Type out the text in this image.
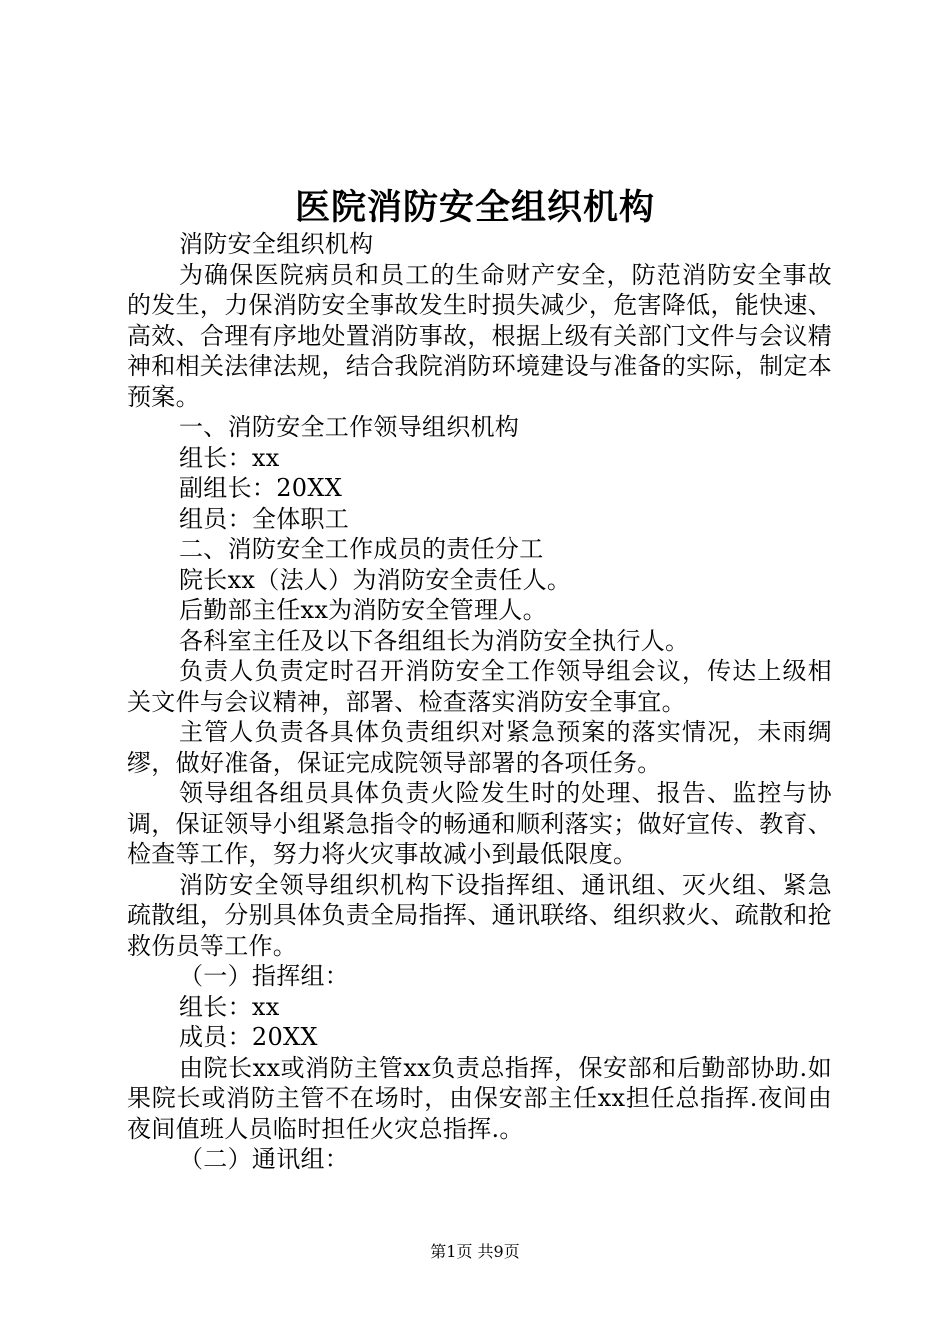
医院消防安全组织机构

消防安全组织机构

为确保医院病员和员工的生命财产安全，防范消防安全事故的发生，力保消防安全事故发生时损失减少，危害降低，能快速、高效、合理有序地处置消防事故，根据上级有关部门文件与会议精神和相关法律法规，结合我院消防环境建设与准备的实际，制定本预案。

一、消防安全工作领导组织机构

组长：xx

副组长：20XX

组员：全体职工

二、消防安全工作成员的责任分工

院长xx（法人）为消防安全责任人。

后勤部主任xx为消防安全管理人。

各科室主任及以下各组组长为消防安全执行人。

负责人负责定时召开消防安全工作领导组会议，传达上级相关文件与会议精神，部署、检查落实消防安全事宜。

主管人负责各具体负责组织对紧急预案的落实情况，未雨绸缪，做好准备，保证完成院领导部署的各项任务。

领导组各组员具体负责火险发生时的处理、报告、监控与协调，保证领导小组紧急指令的畅通和顺利落实；做好宣传、教育、检查等工作，努力将火灾事故减小到最低限度。

消防安全领导组织机构下设指挥组、通讯组、灭火组、紧急疏散组，分别具体负责全局指挥、通讯联络、组织救火、疏散和抢救伤员等工作。

（一）指挥组：

组长：xx

成员：20XX

由院长xx或消防主管xx负责总指挥，保安部和后勤部协助.如果院长或消防主管不在场时，由保安部主任xx担任总指挥.夜间由夜间值班人员临时担任火灾总指挥.。

（二）通讯组：

第1页 共9页
